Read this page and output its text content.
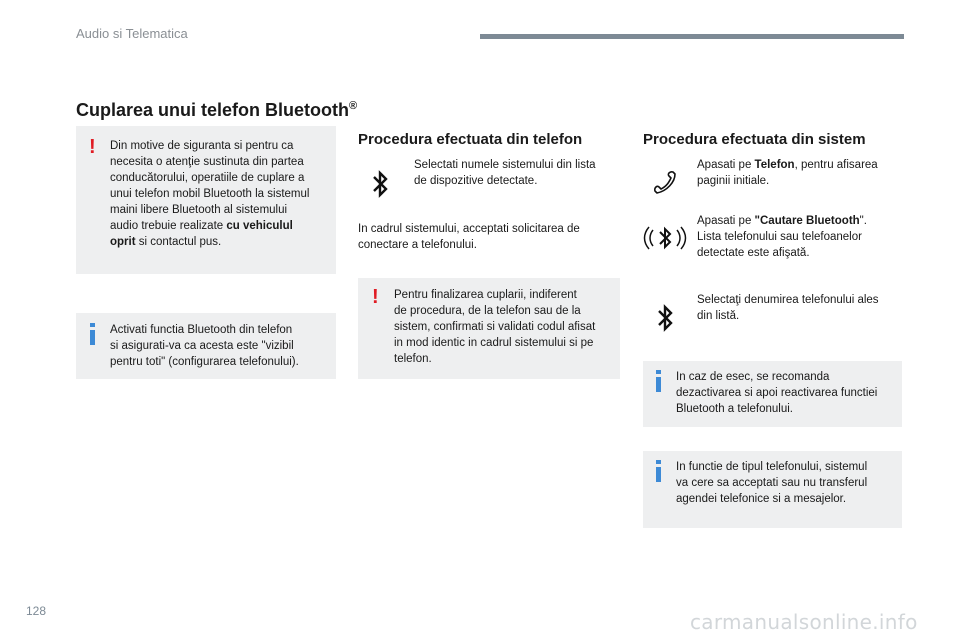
Audio si Telematica
Cuplarea unui telefon Bluetooth®
! Din motive de siguranta si pentru ca
necesita o atenţie sustinuta din partea
conducătorului, operatiile de cuplare a
unui telefon mobil Bluetooth la sistemul
maini libere Bluetooth al sistemului
audio trebuie realizate cu vehiculul
oprit si contactul pus.
Activati functia Bluetooth din telefon
si asigurati-va ca acesta este "vizibil
pentru toti" (configurarea telefonului).
Procedura efectuata din telefon
Selectati numele sistemului din lista
de dispozitive detectate.
In cadrul sistemului, acceptati solicitarea de
conectare a telefonului.
! Pentru finalizarea cuplarii, indiferent
de procedura, de la telefon sau de la
sistem, confirmati si validati codul afisat
in mod identic in cadrul sistemului si pe
telefon.
Procedura efectuata din sistem
Apasati pe Telefon, pentru afisarea
paginii initiale.
Apasati pe "Cautare Bluetooth".
Lista telefonului sau telefoanelor
detectate este afişată.
Selectaţi denumirea telefonului ales
din listă.
In caz de esec, se recomanda
dezactivarea si apoi reactivarea functiei
Bluetooth a telefonului.
In functie de tipul telefonului, sistemul
va cere sa acceptati sau nu transferul
agendei telefonice si a mesajelor.
128	carmanualsonline.info
